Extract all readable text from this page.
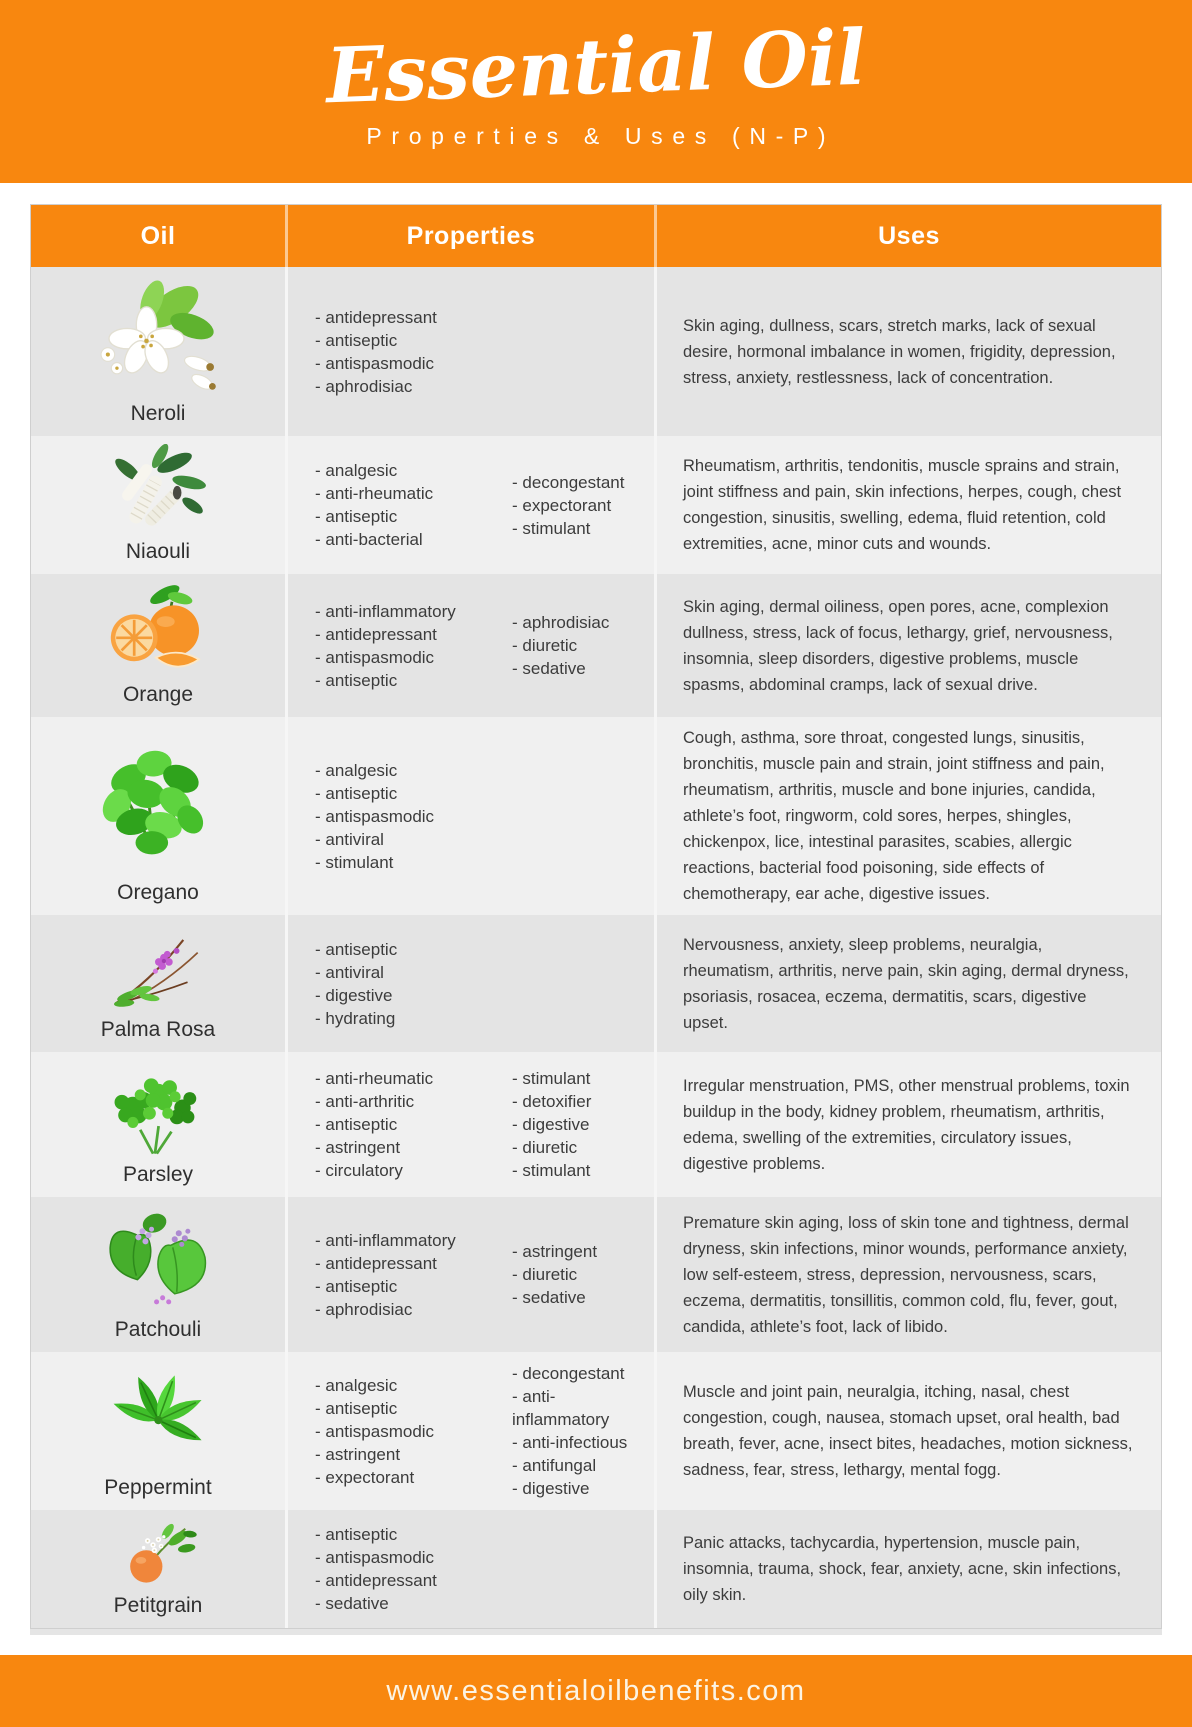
Essential Oil
Properties & Uses (N-P)
Oil	Properties	Uses
Neroli
- antidepressant
- antiseptic
- antispasmodic
- aphrodisiac

Skin aging, dullness, scars, stretch marks, lack of sexual desire, hormonal imbalance in women, frigidity, depression, stress, anxiety, restlessness, lack of concentration.

Niaouli
- analgesic
- anti-rheumatic
- antiseptic
- anti-bacterial
- decongestant
- expectorant
- stimulant

Rheumatism, arthritis, tendonitis, muscle sprains and strain, joint stiffness and pain, skin infections, herpes, cough, chest congestion, sinusitis, swelling, edema, fluid retention, cold extremities, acne, minor cuts and wounds.

Orange
- anti-inflammatory
- antidepressant
- antispasmodic
- antiseptic
- aphrodisiac
- diuretic
- sedative

Skin aging, dermal oiliness, open pores, acne, complexion dullness, stress, lack of focus, lethargy, grief, nervousness, insomnia, sleep disorders, digestive problems, muscle spasms, abdominal cramps, lack of sexual drive.

Oregano
- analgesic
- antiseptic
- antispasmodic
- antiviral
- stimulant

Cough, asthma, sore throat, congested lungs, sinusitis, bronchitis, muscle pain and strain, joint stiffness and pain, rheumatism, arthritis, muscle and bone injuries, candida, athlete’s foot, ringworm, cold sores, herpes, shingles, chickenpox, lice, intestinal parasites, scabies, allergic reactions, bacterial food poisoning, side effects of chemotherapy, ear ache, digestive issues.

Palma Rosa
- antiseptic
- antiviral
- digestive
- hydrating

Nervousness, anxiety, sleep problems, neuralgia, rheumatism, arthritis, nerve pain, skin aging, dermal dryness, psoriasis, rosacea, eczema, dermatitis, scars, digestive upset.

Parsley
- anti-rheumatic
- anti-arthritic
- antiseptic
- astringent
- circulatory
- stimulant
- detoxifier
- digestive
- diuretic
- stimulant

Irregular menstruation, PMS, other menstrual problems, toxin buildup in the body, kidney problem, rheumatism, arthritis, edema, swelling of the extremities, circulatory issues, digestive problems.

Patchouli
- anti-inflammatory
- antidepressant
- antiseptic
- aphrodisiac
- astringent
- diuretic
- sedative

Premature skin aging, loss of skin tone and tightness, dermal dryness, skin infections, minor wounds, performance anxiety, low self-esteem, stress, depression, nervousness, scars, eczema, dermatitis, tonsillitis, common cold, flu, fever, gout, candida, athlete’s foot, lack of libido.

Peppermint
- analgesic
- antiseptic
- antispasmodic
- astringent
- expectorant
- decongestant
- anti-inflammatory
- anti-infectious
- antifungal
- digestive

Muscle and joint pain, neuralgia, itching, nasal, chest congestion, cough, nausea, stomach upset, oral health, bad breath, fever, acne, insect bites, headaches, motion sickness, sadness, fear, stress, lethargy, mental fogg.

Petitgrain
- antiseptic
- antispasmodic
- antidepressant
- sedative

Panic attacks, tachycardia, hypertension, muscle pain, insomnia, trauma, shock, fear, anxiety, acne, skin infections, oily skin.

www.essentialoilbenefits.com
